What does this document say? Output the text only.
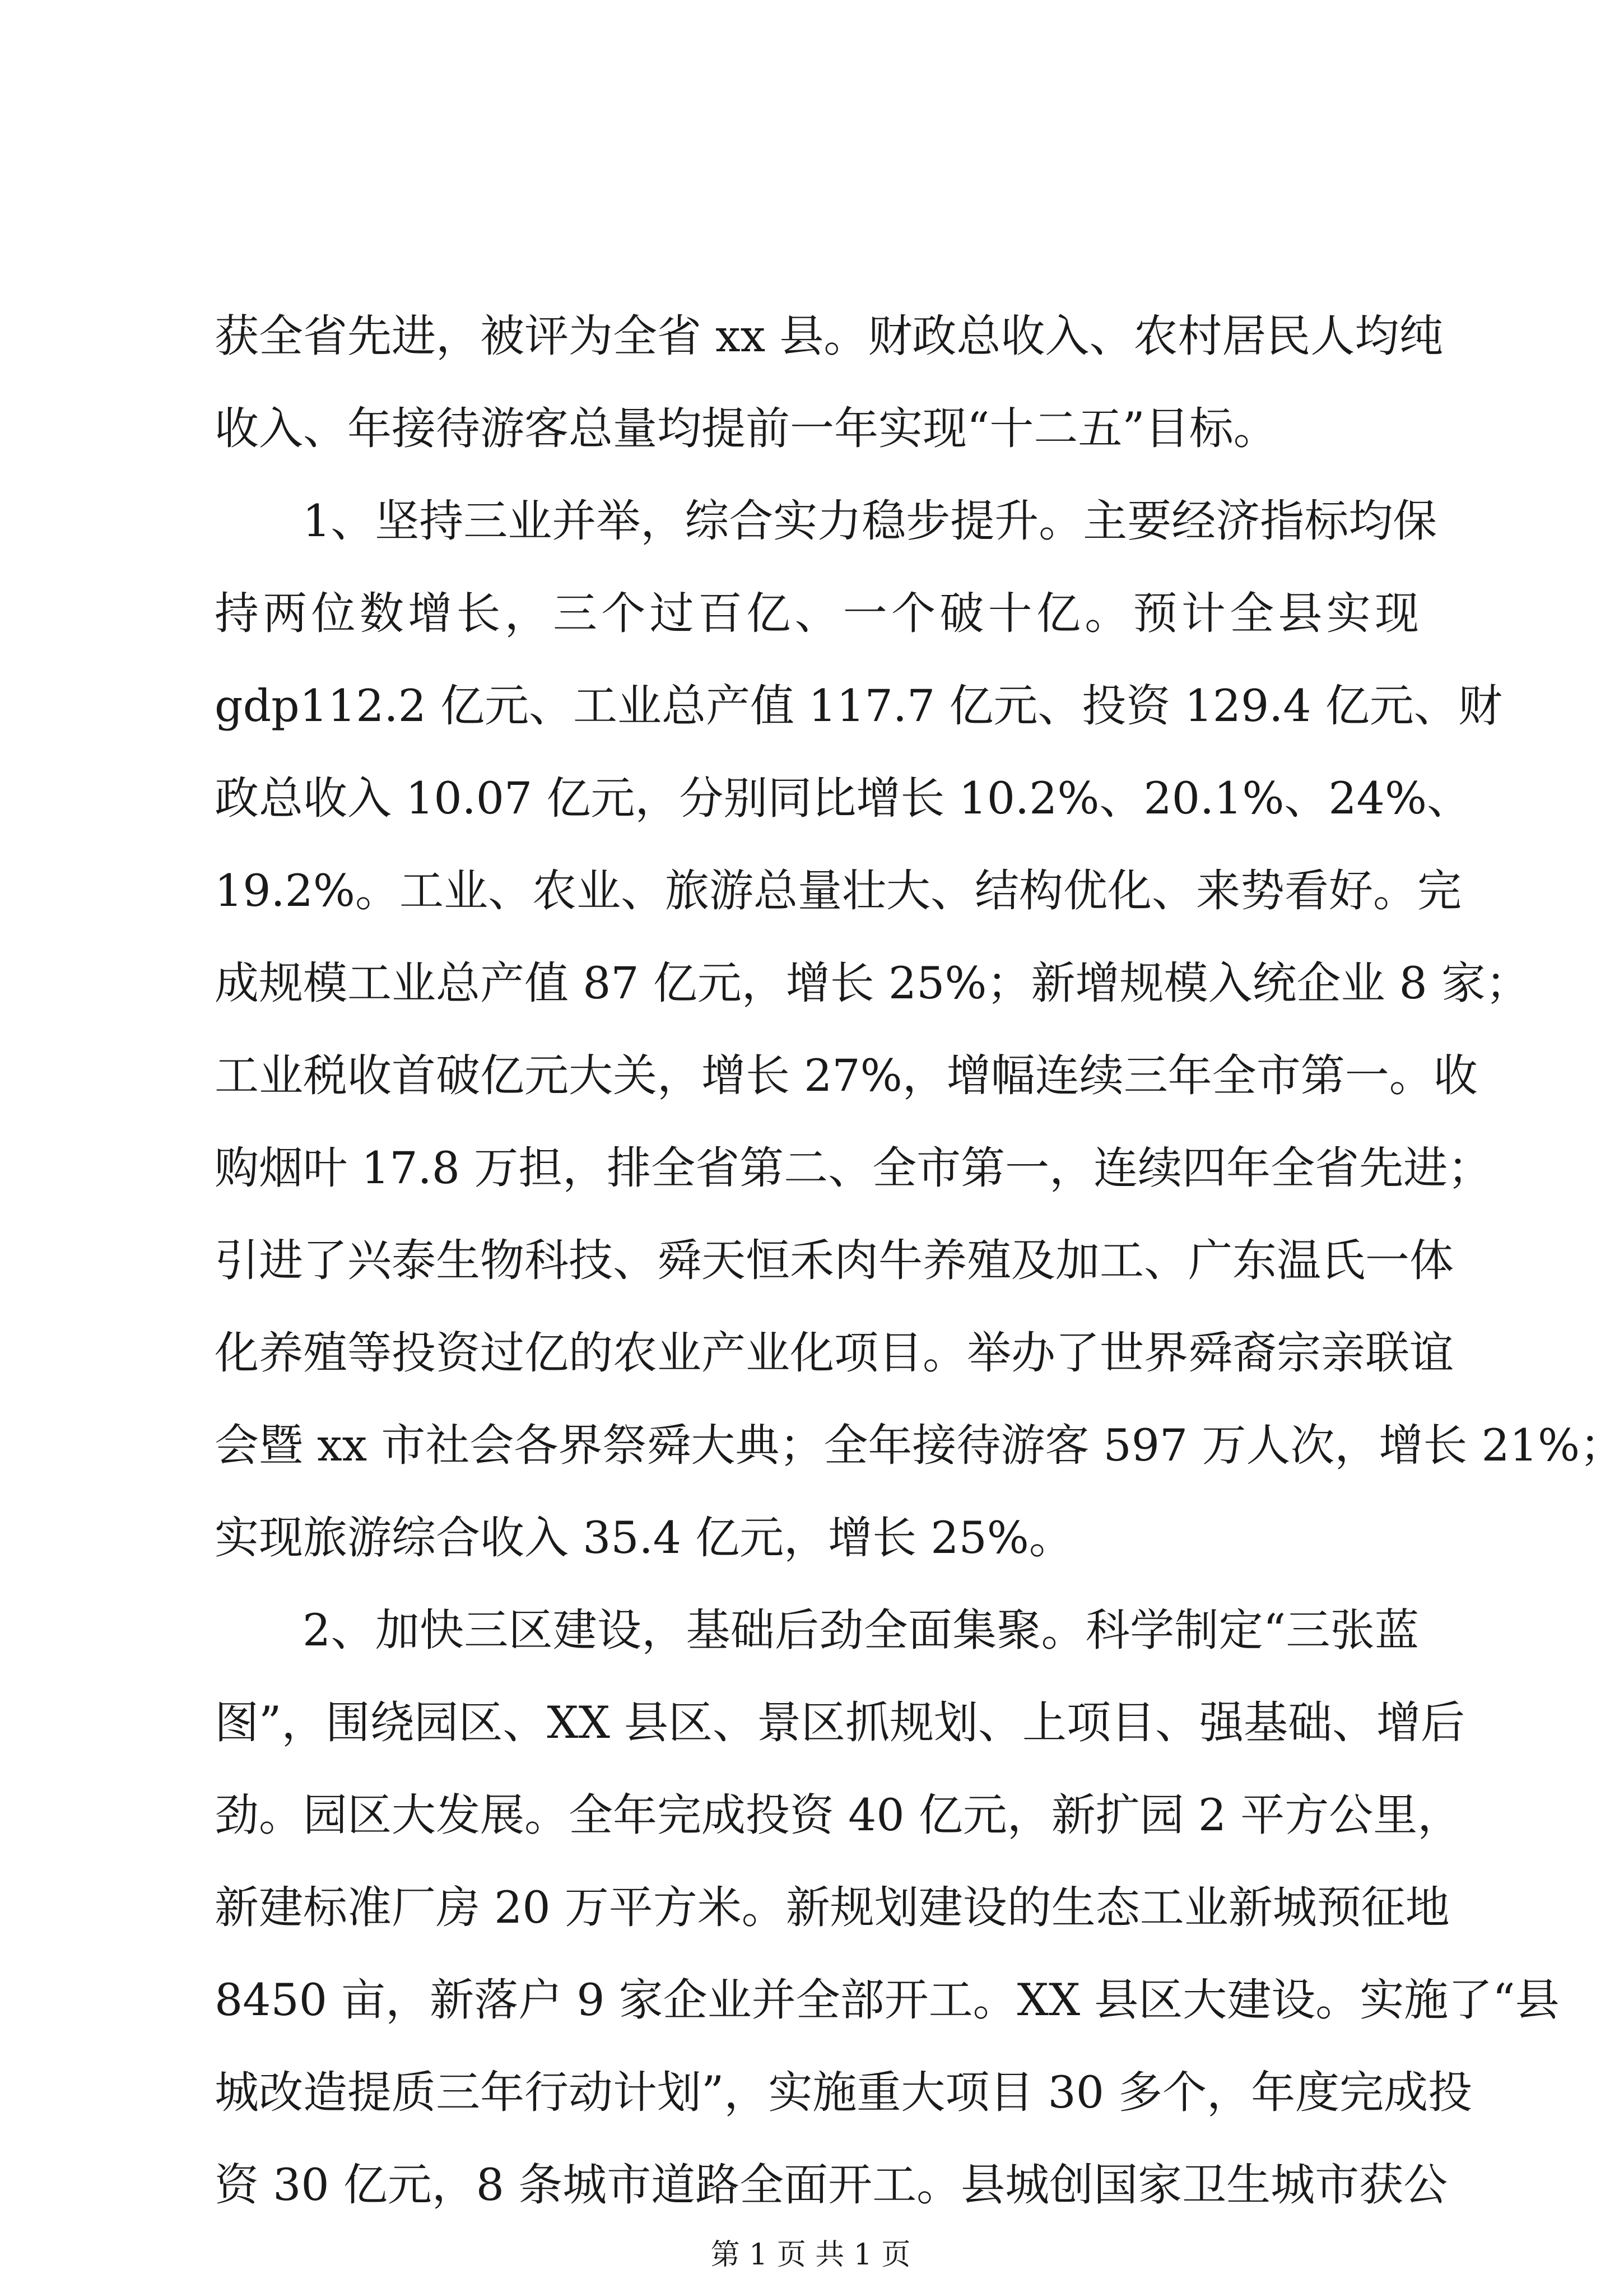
获全省先进，被评为全省 xx 县。财政总收入、农村居民人均纯
收入、年接待游客总量均提前一年实现“十二五”目标。
1、坚持三业并举，综合实力稳步提升。主要经济指标均保
持两位数增长，三个过百亿、一个破十亿。预计全县实现
gdp112.2 亿元、工业总产值 117.7 亿元、投资 129.4 亿元、财
政总收入 10.07 亿元，分别同比增长 10.2%、20.1%、24%、
19.2%。工业、农业、旅游总量壮大、结构优化、来势看好。完
成规模工业总产值 87 亿元，增长 25%；新增规模入统企业 8 家；
工业税收首破亿元大关，增长 27%，增幅连续三年全市第一。收
购烟叶 17.8 万担，排全省第二、全市第一，连续四年全省先进；
引进了兴泰生物科技、舜天恒禾肉牛养殖及加工、广东温氏一体
化养殖等投资过亿的农业产业化项目。举办了世界舜裔宗亲联谊
会暨 xx 市社会各界祭舜大典；全年接待游客 597 万人次，增长 21%；
实现旅游综合收入 35.4 亿元，增长 25%。
2、加快三区建设，基础后劲全面集聚。科学制定“三张蓝
图”，围绕园区、XX 县区、景区抓规划、上项目、强基础、增后
劲。园区大发展。全年完成投资 40 亿元，新扩园 2 平方公里，
新建标准厂房 20 万平方米。新规划建设的生态工业新城预征地
8450 亩，新落户 9 家企业并全部开工。XX 县区大建设。实施了“县
城改造提质三年行动计划”，实施重大项目 30 多个，年度完成投
资 30 亿元，8 条城市道路全面开工。县城创国家卫生城市获公
第 1 页 共 1 页
